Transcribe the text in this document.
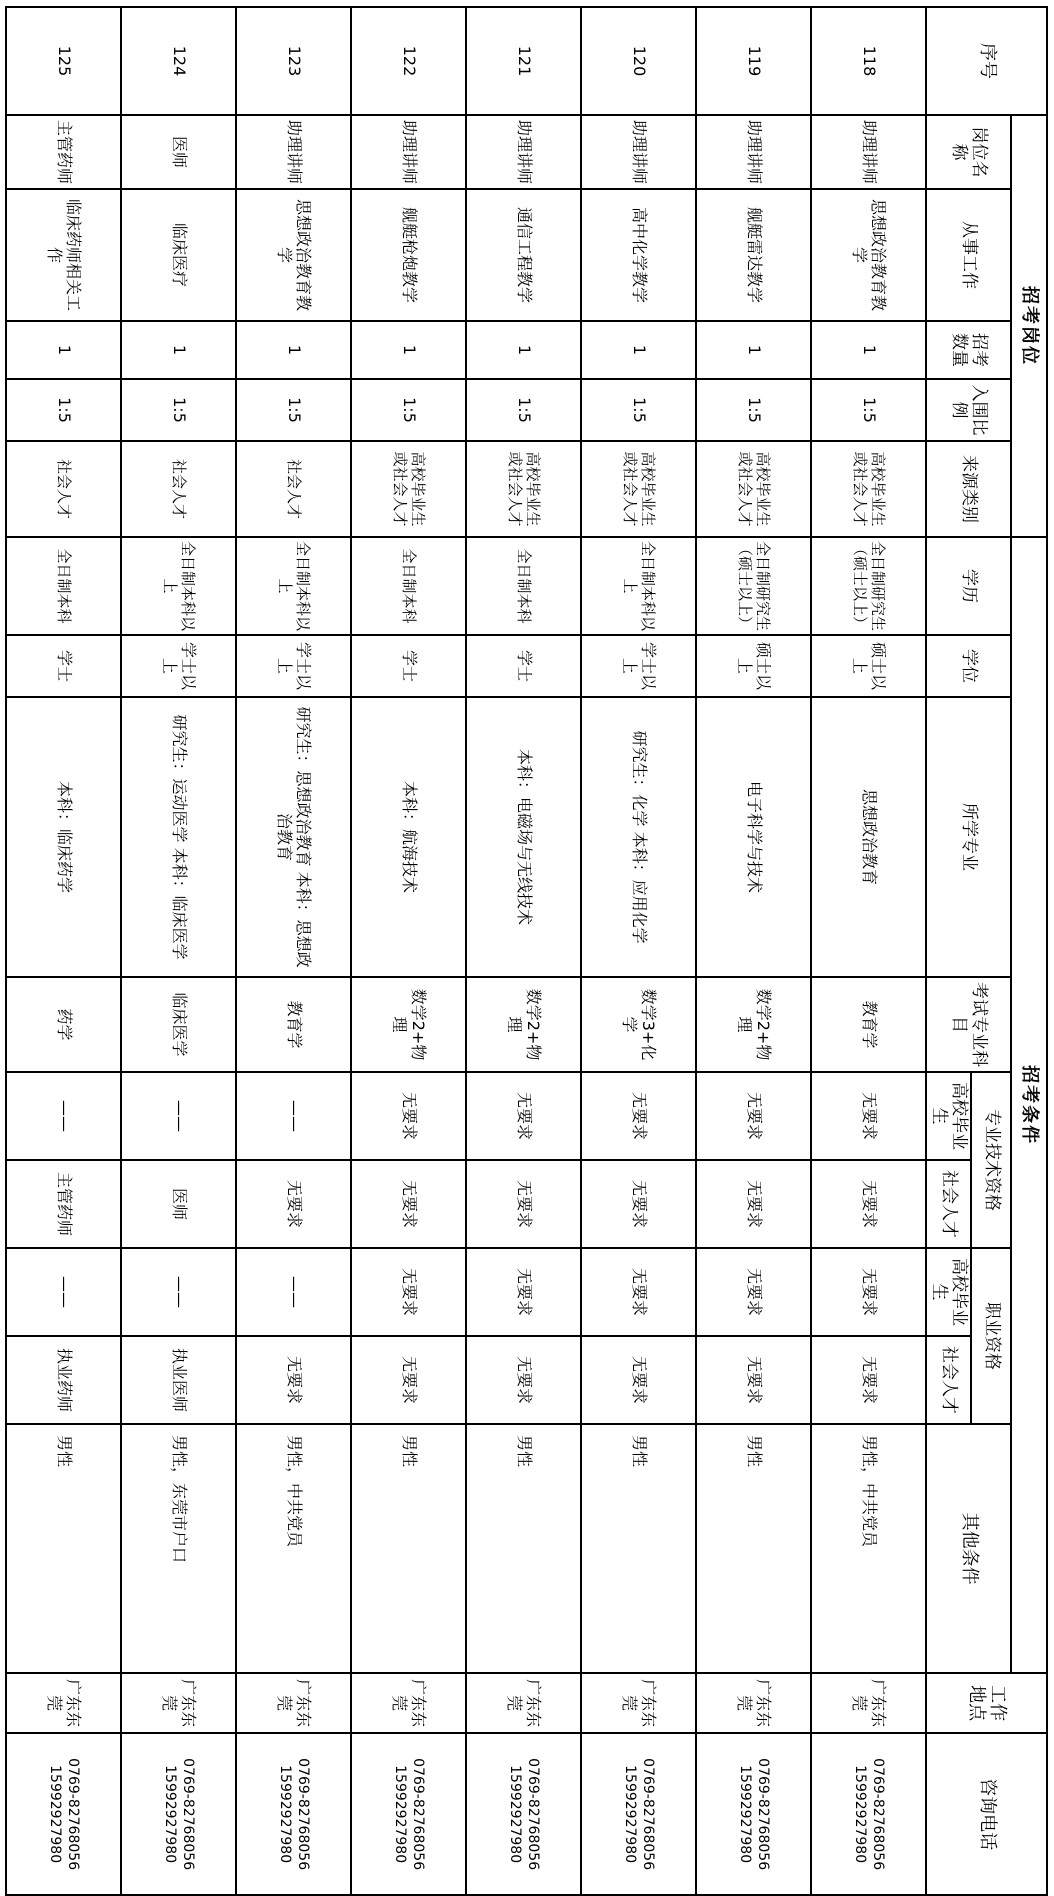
序号	招考岗位					招考条件									工作地点	咨询电话
	岗位名称	从事工作	招考数量	入围比例	来源类别	学历	学位	所学专业	考试专业科目	专业技术资格		职业资格		其他条件		
										高校毕业生	社会人才	高校毕业生	社会人才			
118	助理讲师	思想政治教育教学	1	1:5	高校毕业生或社会人才	全日制研究生（硕士以上）	硕士以上	思想政治教育	教育学	无要求	无要求	无要求	无要求	男性，中共党员	广东东莞	0769-82768056 15992927980
119	助理讲师	舰艇雷达教学	1	1:5	高校毕业生或社会人才	全日制研究生（硕士以上）	硕士以上	电子科学与技术	数学2+物理	无要求	无要求	无要求	无要求	男性	广东东莞	0769-82768056 15992927980
120	助理讲师	高中化学教学	1	1:5	高校毕业生或社会人才	全日制本科以上	学士以上	研究生：化学 本科：应用化学	数学3+化学	无要求	无要求	无要求	无要求	男性	广东东莞	0769-82768056 15992927980
121	助理讲师	通信工程教学	1	1:5	高校毕业生或社会人才	全日制本科	学士	本科：电磁场与无线技术	数学2+物理	无要求	无要求	无要求	无要求	男性	广东东莞	0769-82768056 15992927980
122	助理讲师	舰艇枪炮教学	1	1:5	高校毕业生或社会人才	全日制本科	学士	本科：航海技术	数学2+物理	无要求	无要求	无要求	无要求	男性	广东东莞	0769-82768056 15992927980
123	助理讲师	思想政治教育教学	1	1:5	社会人才	全日制本科以上	学士以上	研究生：思想政治教育 本科：思想政治教育	教育学	——	无要求	——	无要求	男性，中共党员	广东东莞	0769-82768056 15992927980
124	医师	临床医疗	1	1:5	社会人才	全日制本科以上	学士以上	研究生：运动医学 本科：临床医学	临床医学	——	医师	——	执业医师	男性，东莞市户口	广东东莞	0769-82768056 15992927980
125	主管药师	临床药师相关工作	1	1:5	社会人才	全日制本科	学士	本科：临床药学	药学	——	主管药师	——	执业药师	男性	广东东莞	0769-82768056 15992927980
